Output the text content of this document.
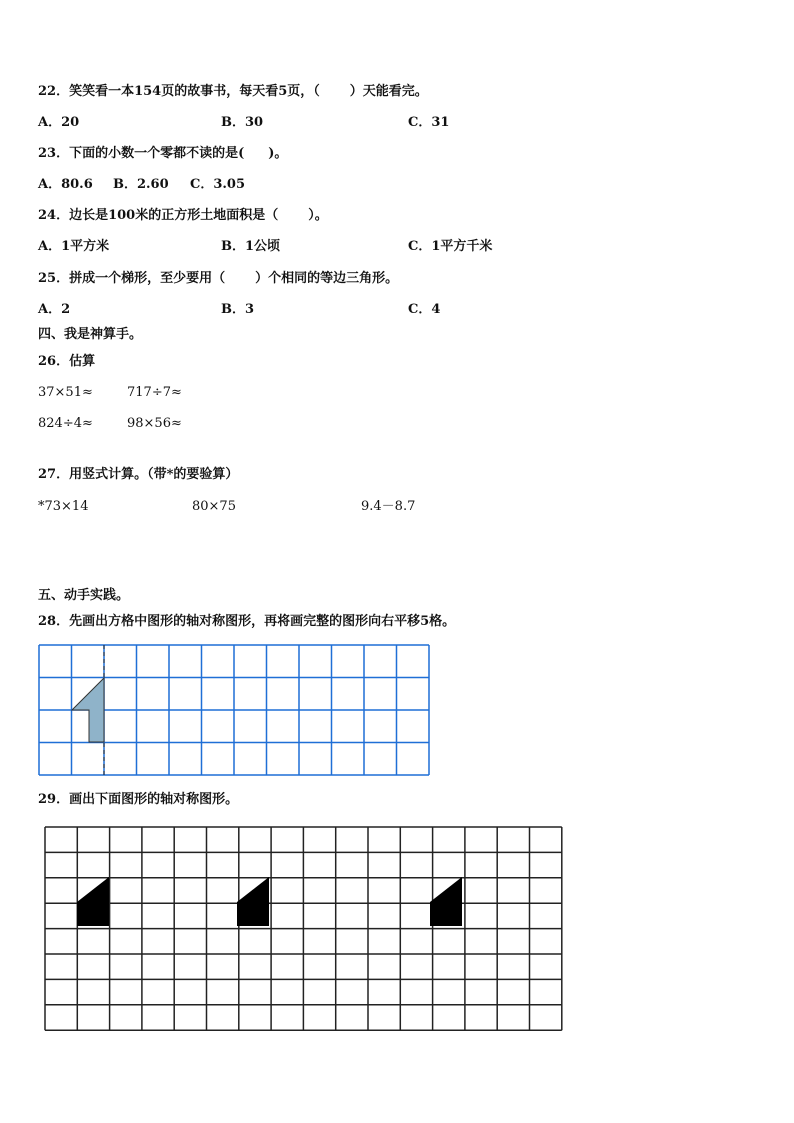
22．笑笑看一本154页的故事书，每天看5页，（ ）天能看完。
A．20	B．30	C．31
23．下面的小数一个零都不读的是( )。
A．80.6 B．2.60 C．3.05
24．边长是100米的正方形土地面积是（ ）。
A．1平方米	B．1公顷	C．1平方千米
25．拼成一个梯形，至少要用（ ）个相同的等边三角形。
A．2	B．3	C．4
四、我是神算手。
26．估算
37×51≈	717÷7≈
824÷4≈	98×56≈
27．用竖式计算。（带*的要验算）
*73×14	80×75	9.4－8.7
五、动手实践。
28．先画出方格中图形的轴对称图形，再将画完整的图形向右平移5格。
29．画出下面图形的轴对称图形。
